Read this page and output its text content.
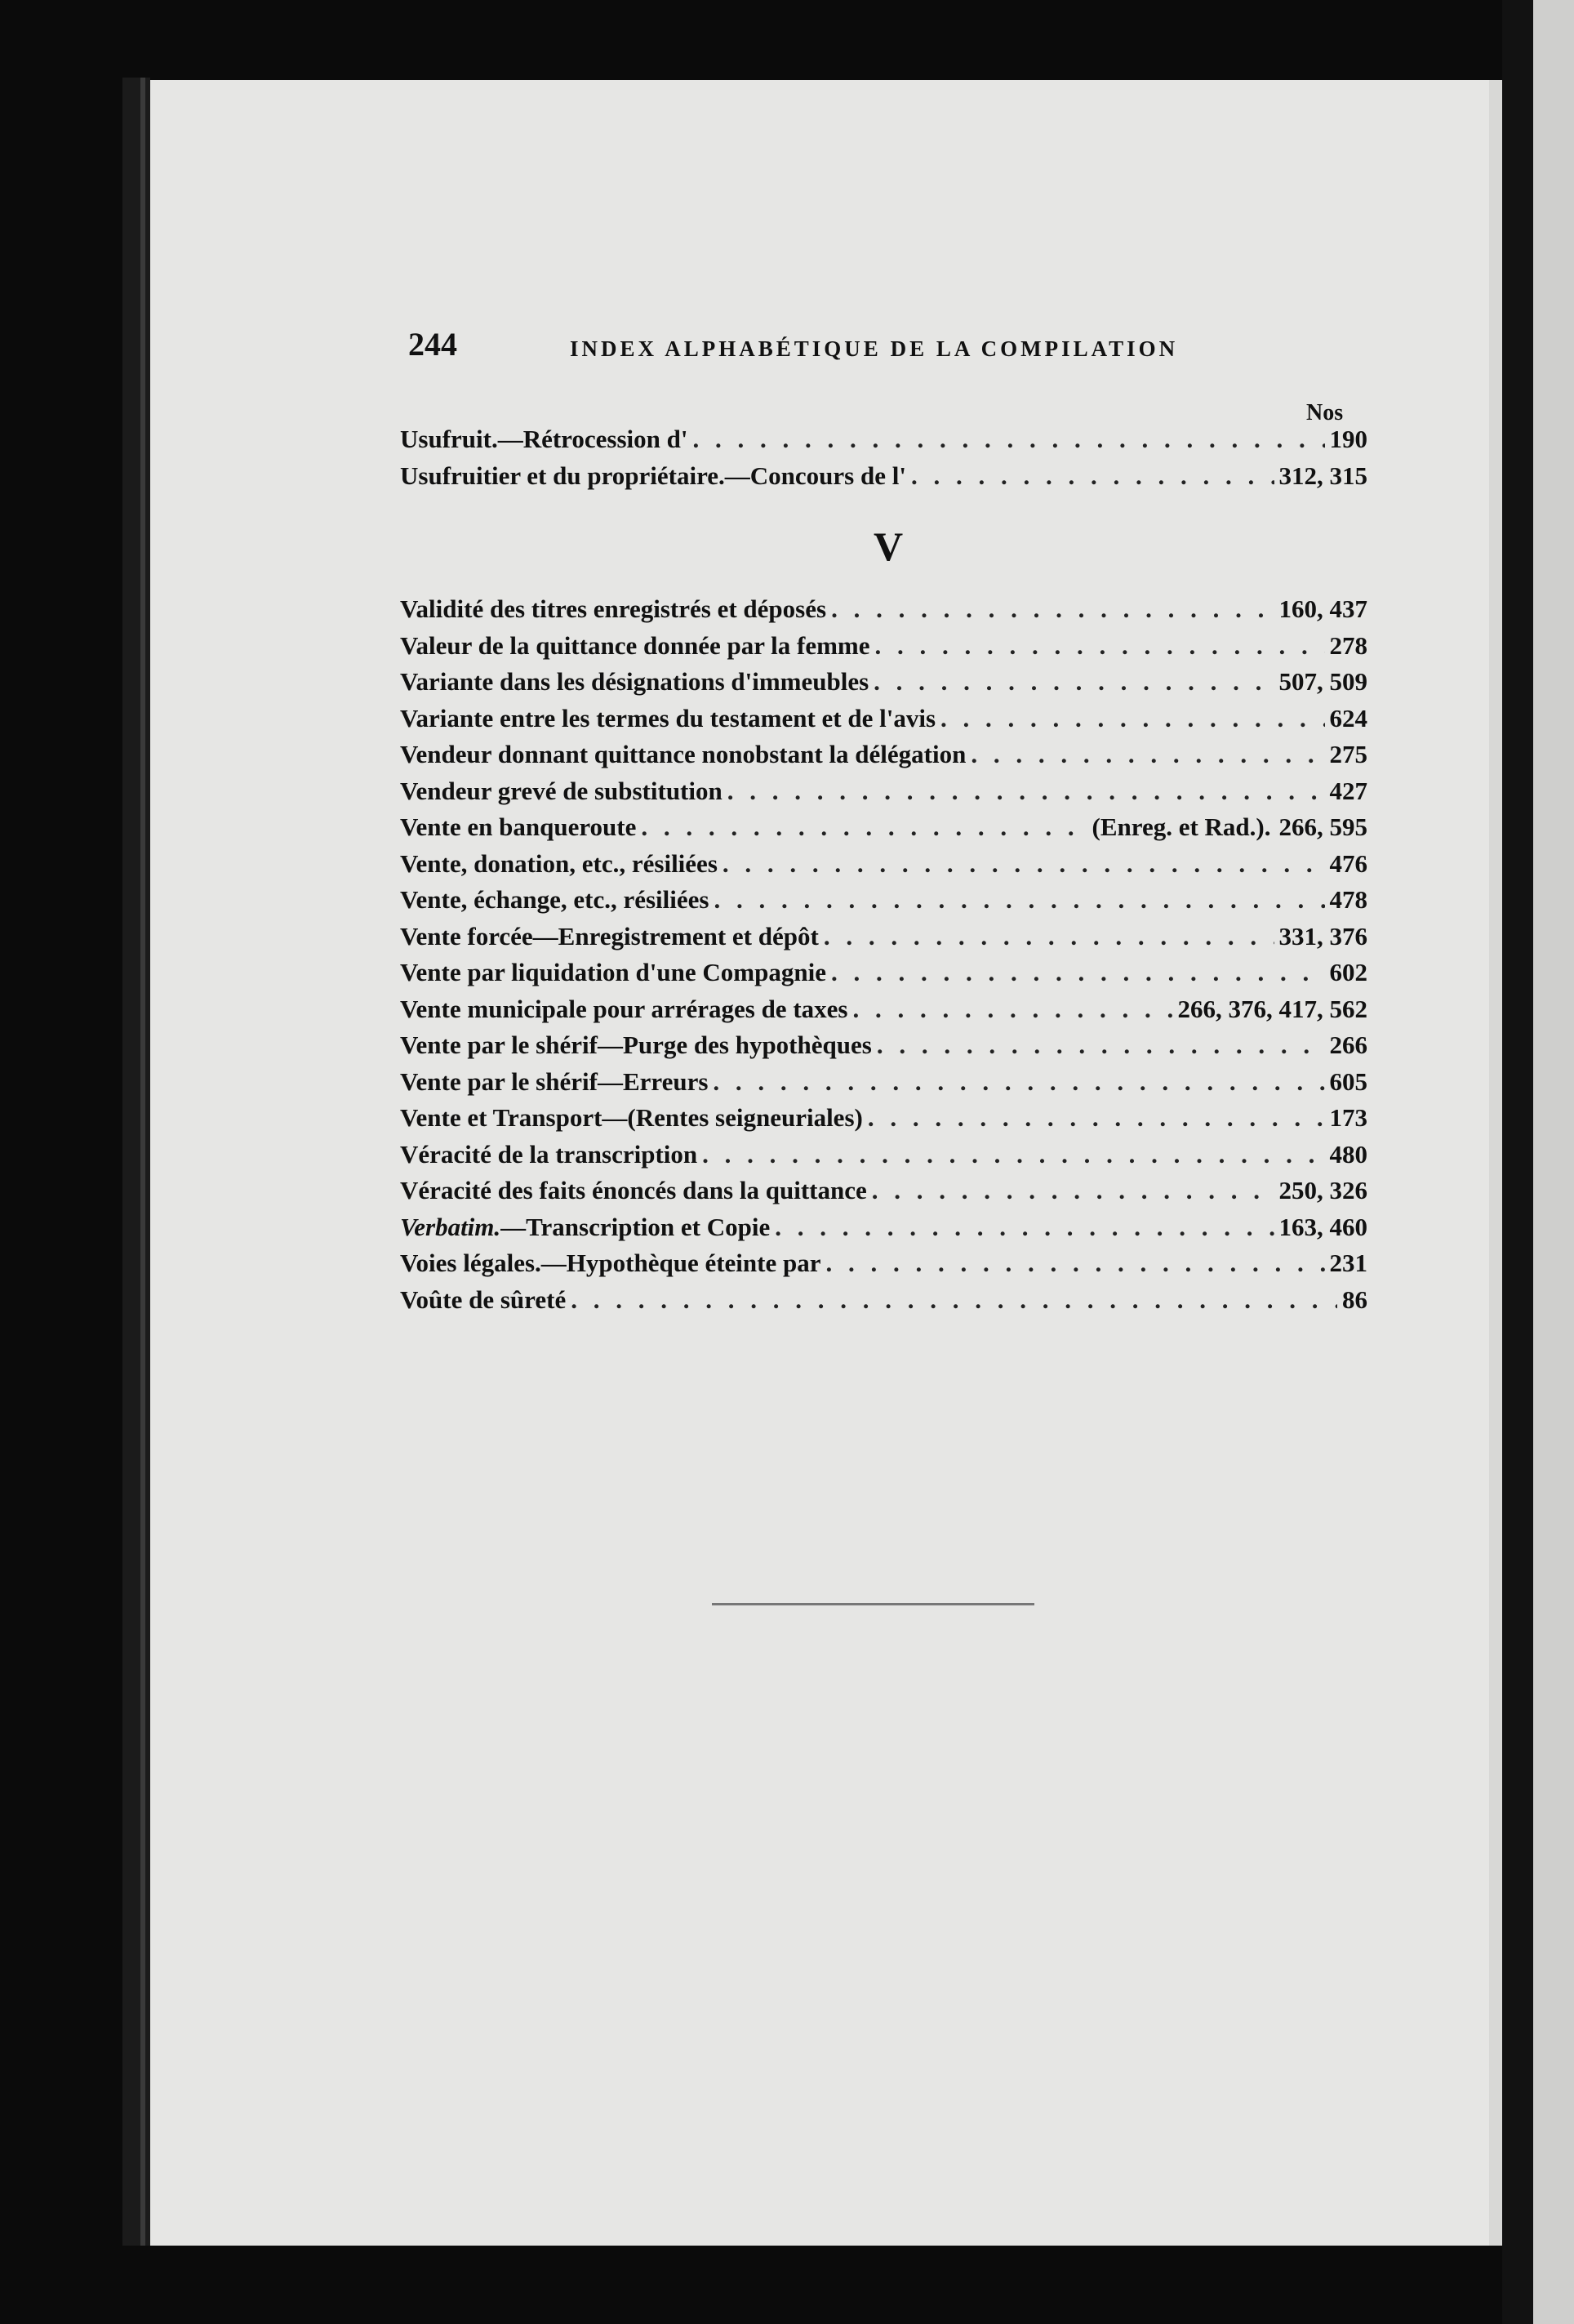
244	INDEX ALPHABÉTIQUE DE LA COMPILATION
Nos
Usufruit.—Rétrocession d' . . .	190
Usufruitier et du propriétaire.—Concours de l' . . .	312, 315
V
Validité des titres enregistrés et déposés . . .	160, 437
Valeur de la quittance donnée par la femme . . .	278
Variante dans les désignations d'immeubles . . .	507, 509
Variante entre les termes du testament et de l'avis . . .	624
Vendeur donnant quittance nonobstant la délégation . . .	275
Vendeur grevé de substitution . . .	427
Vente en banqueroute . . .	(Enreg. et Rad.). 266, 595
Vente, donation, etc., résiliées . . .	476
Vente, échange, etc., résiliées . . .	478
Vente forcée—Enregistrement et dépôt . . .	331, 376
Vente par liquidation d'une Compagnie . . .	602
Vente municipale pour arrérages de taxes . . .	266, 376, 417, 562
Vente par le shérif—Purge des hypothèques . . .	266
Vente par le shérif—Erreurs . . .	605
Vente et Transport—(Rentes seigneuriales) . . .	173
Véracité de la transcription . . .	480
Véracité des faits énoncés dans la quittance . . .	250, 326
Verbatim. —Transcription et Copie . . .	163, 460
Voies légales.—Hypothèque éteinte par . . .	231
Voûte de sûreté . . .	86
